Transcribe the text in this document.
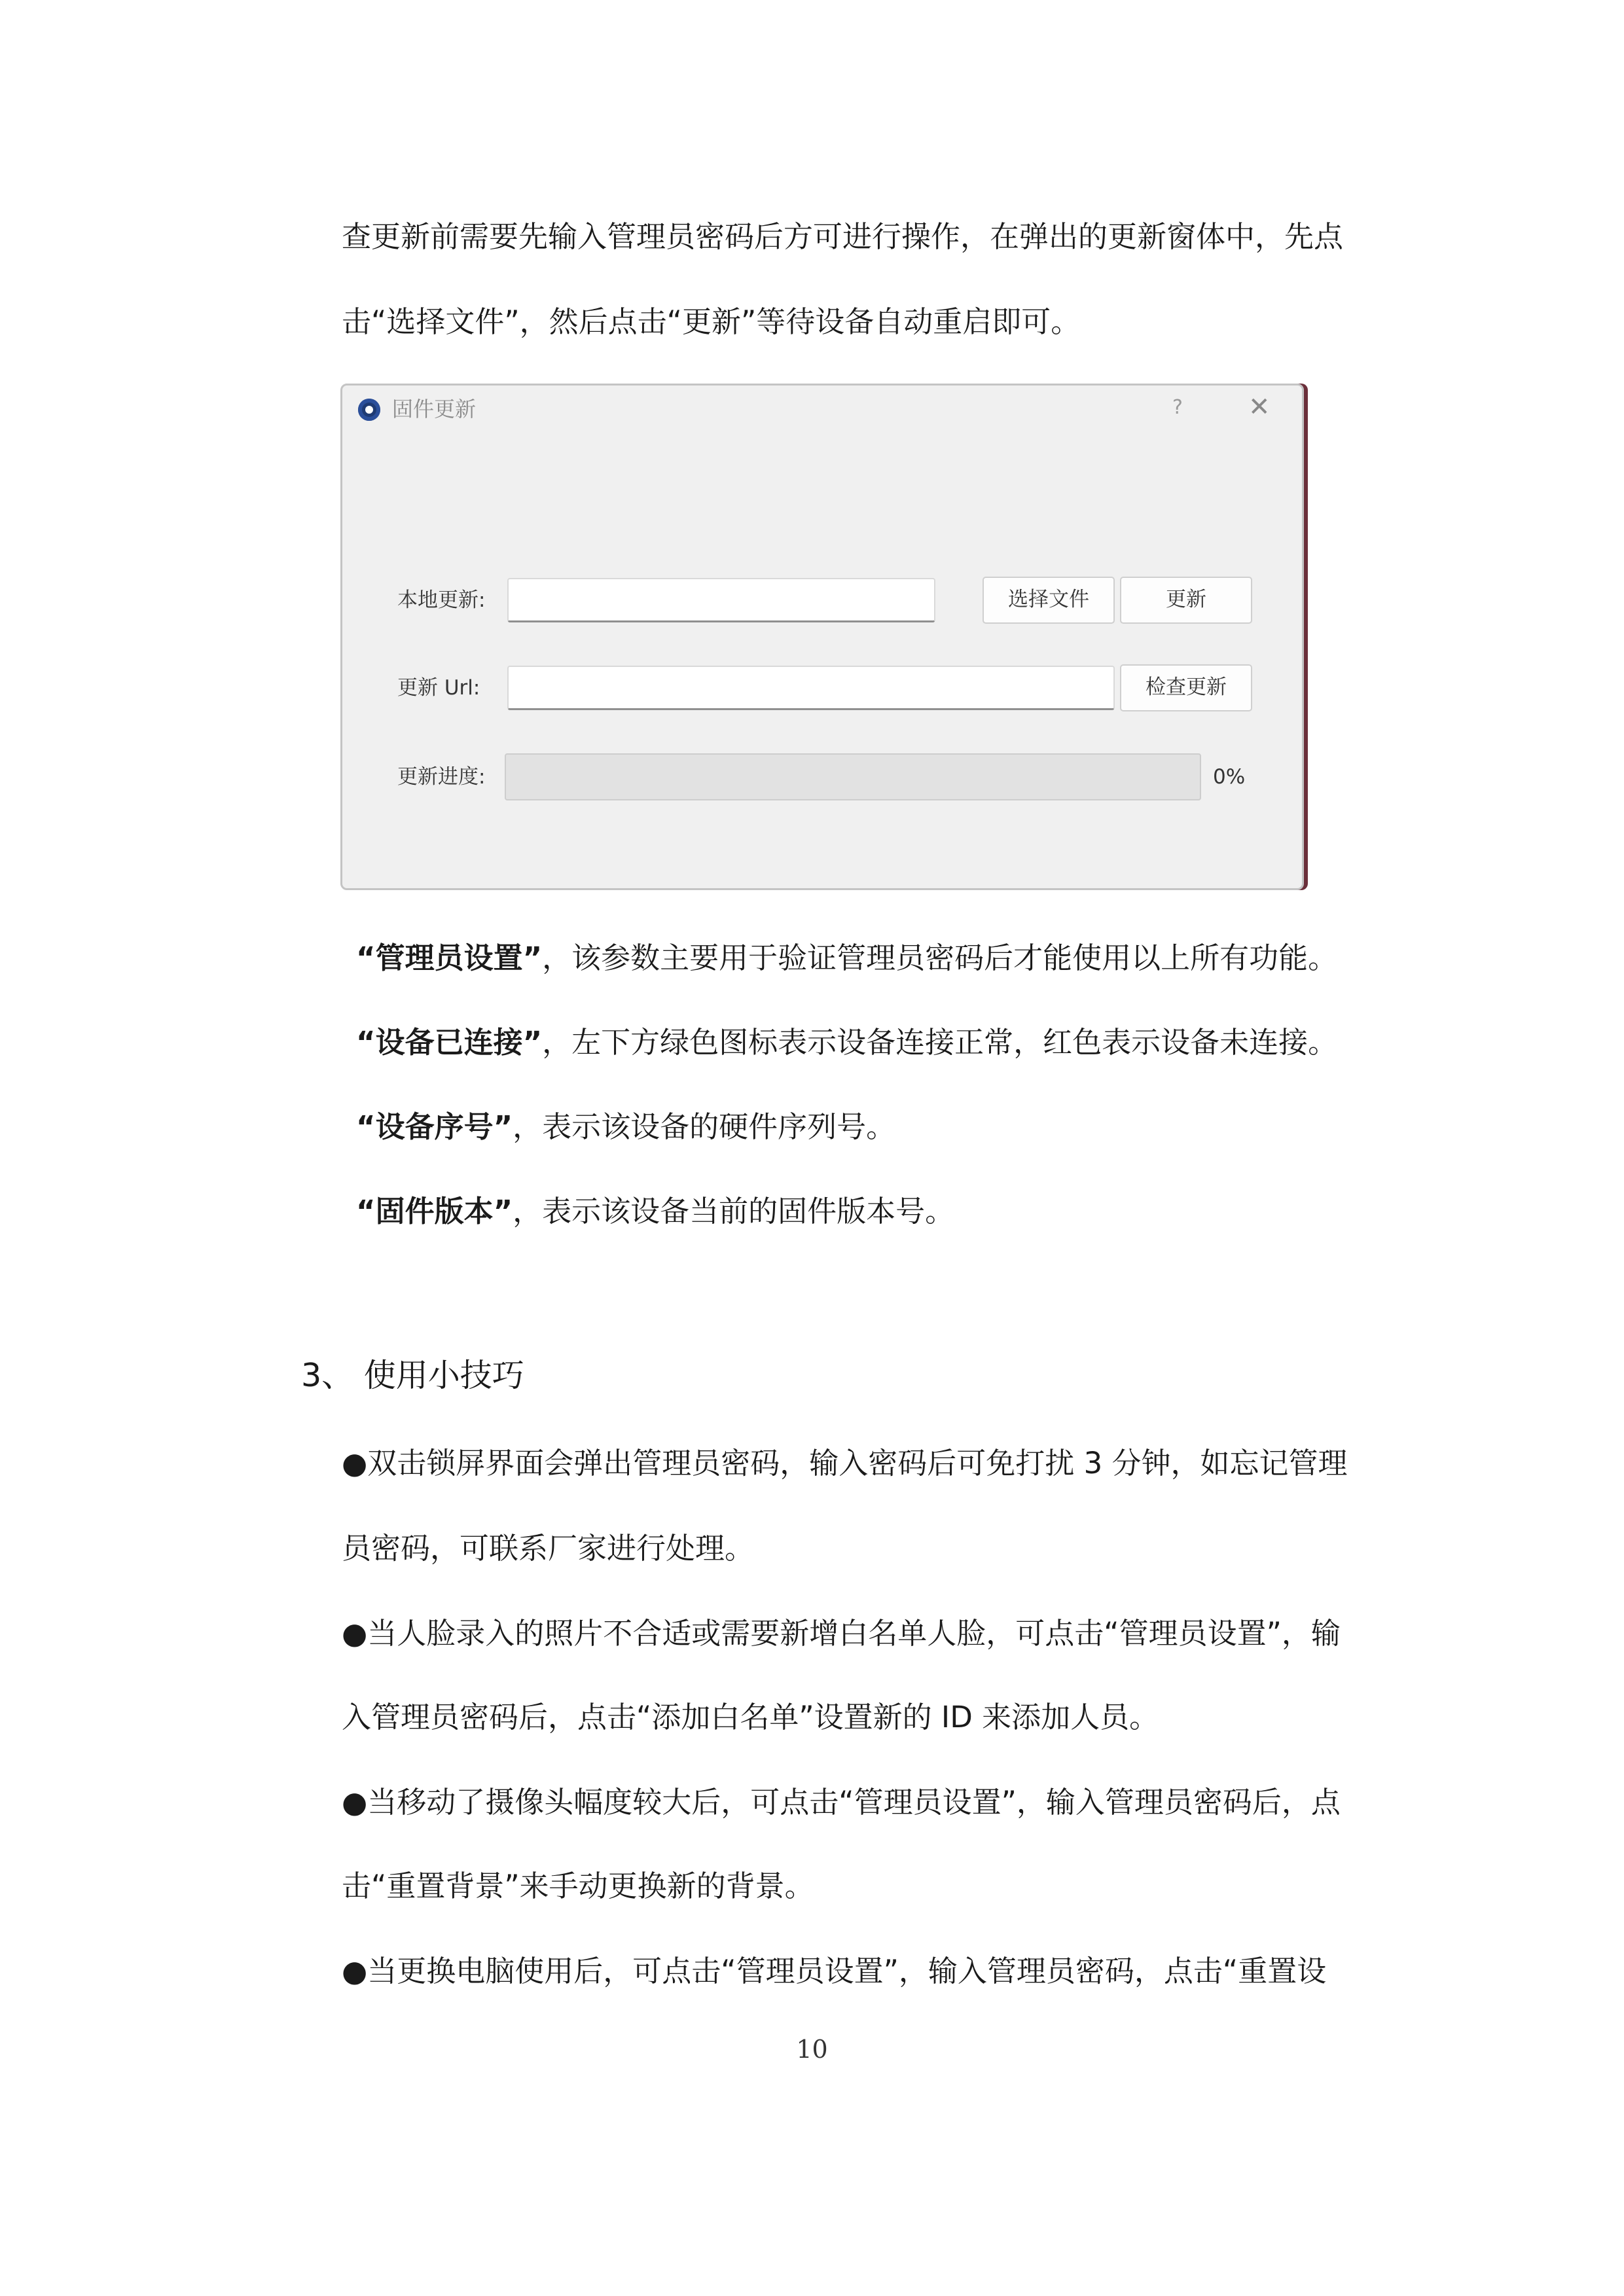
查更新前需要先输入管理员密码后方可进行操作，在弹出的更新窗体中，先点
击“选择文件”，然后点击“更新”等待设备自动重启即可。
固件更新	?	✕
本地更新:	选择文件	更新
更新 Url:	检查更新
更新进度:	0%
“管理员设置”，该参数主要用于验证管理员密码后才能使用以上所有功能。
“设备已连接”，左下方绿色图标表示设备连接正常，红色表示设备未连接。
“设备序号”，表示该设备的硬件序列号。
“固件版本”，表示该设备当前的固件版本号。
3、 使用小技巧
●双击锁屏界面会弹出管理员密码，输入密码后可免打扰 3 分钟，如忘记管理
员密码，可联系厂家进行处理。
●当人脸录入的照片不合适或需要新增白名单人脸，可点击“管理员设置”，输
入管理员密码后，点击“添加白名单”设置新的 ID 来添加人员。
●当移动了摄像头幅度较大后，可点击“管理员设置”，输入管理员密码后，点
击“重置背景”来手动更换新的背景。
●当更换电脑使用后，可点击“管理员设置”，输入管理员密码，点击“重置设
10
